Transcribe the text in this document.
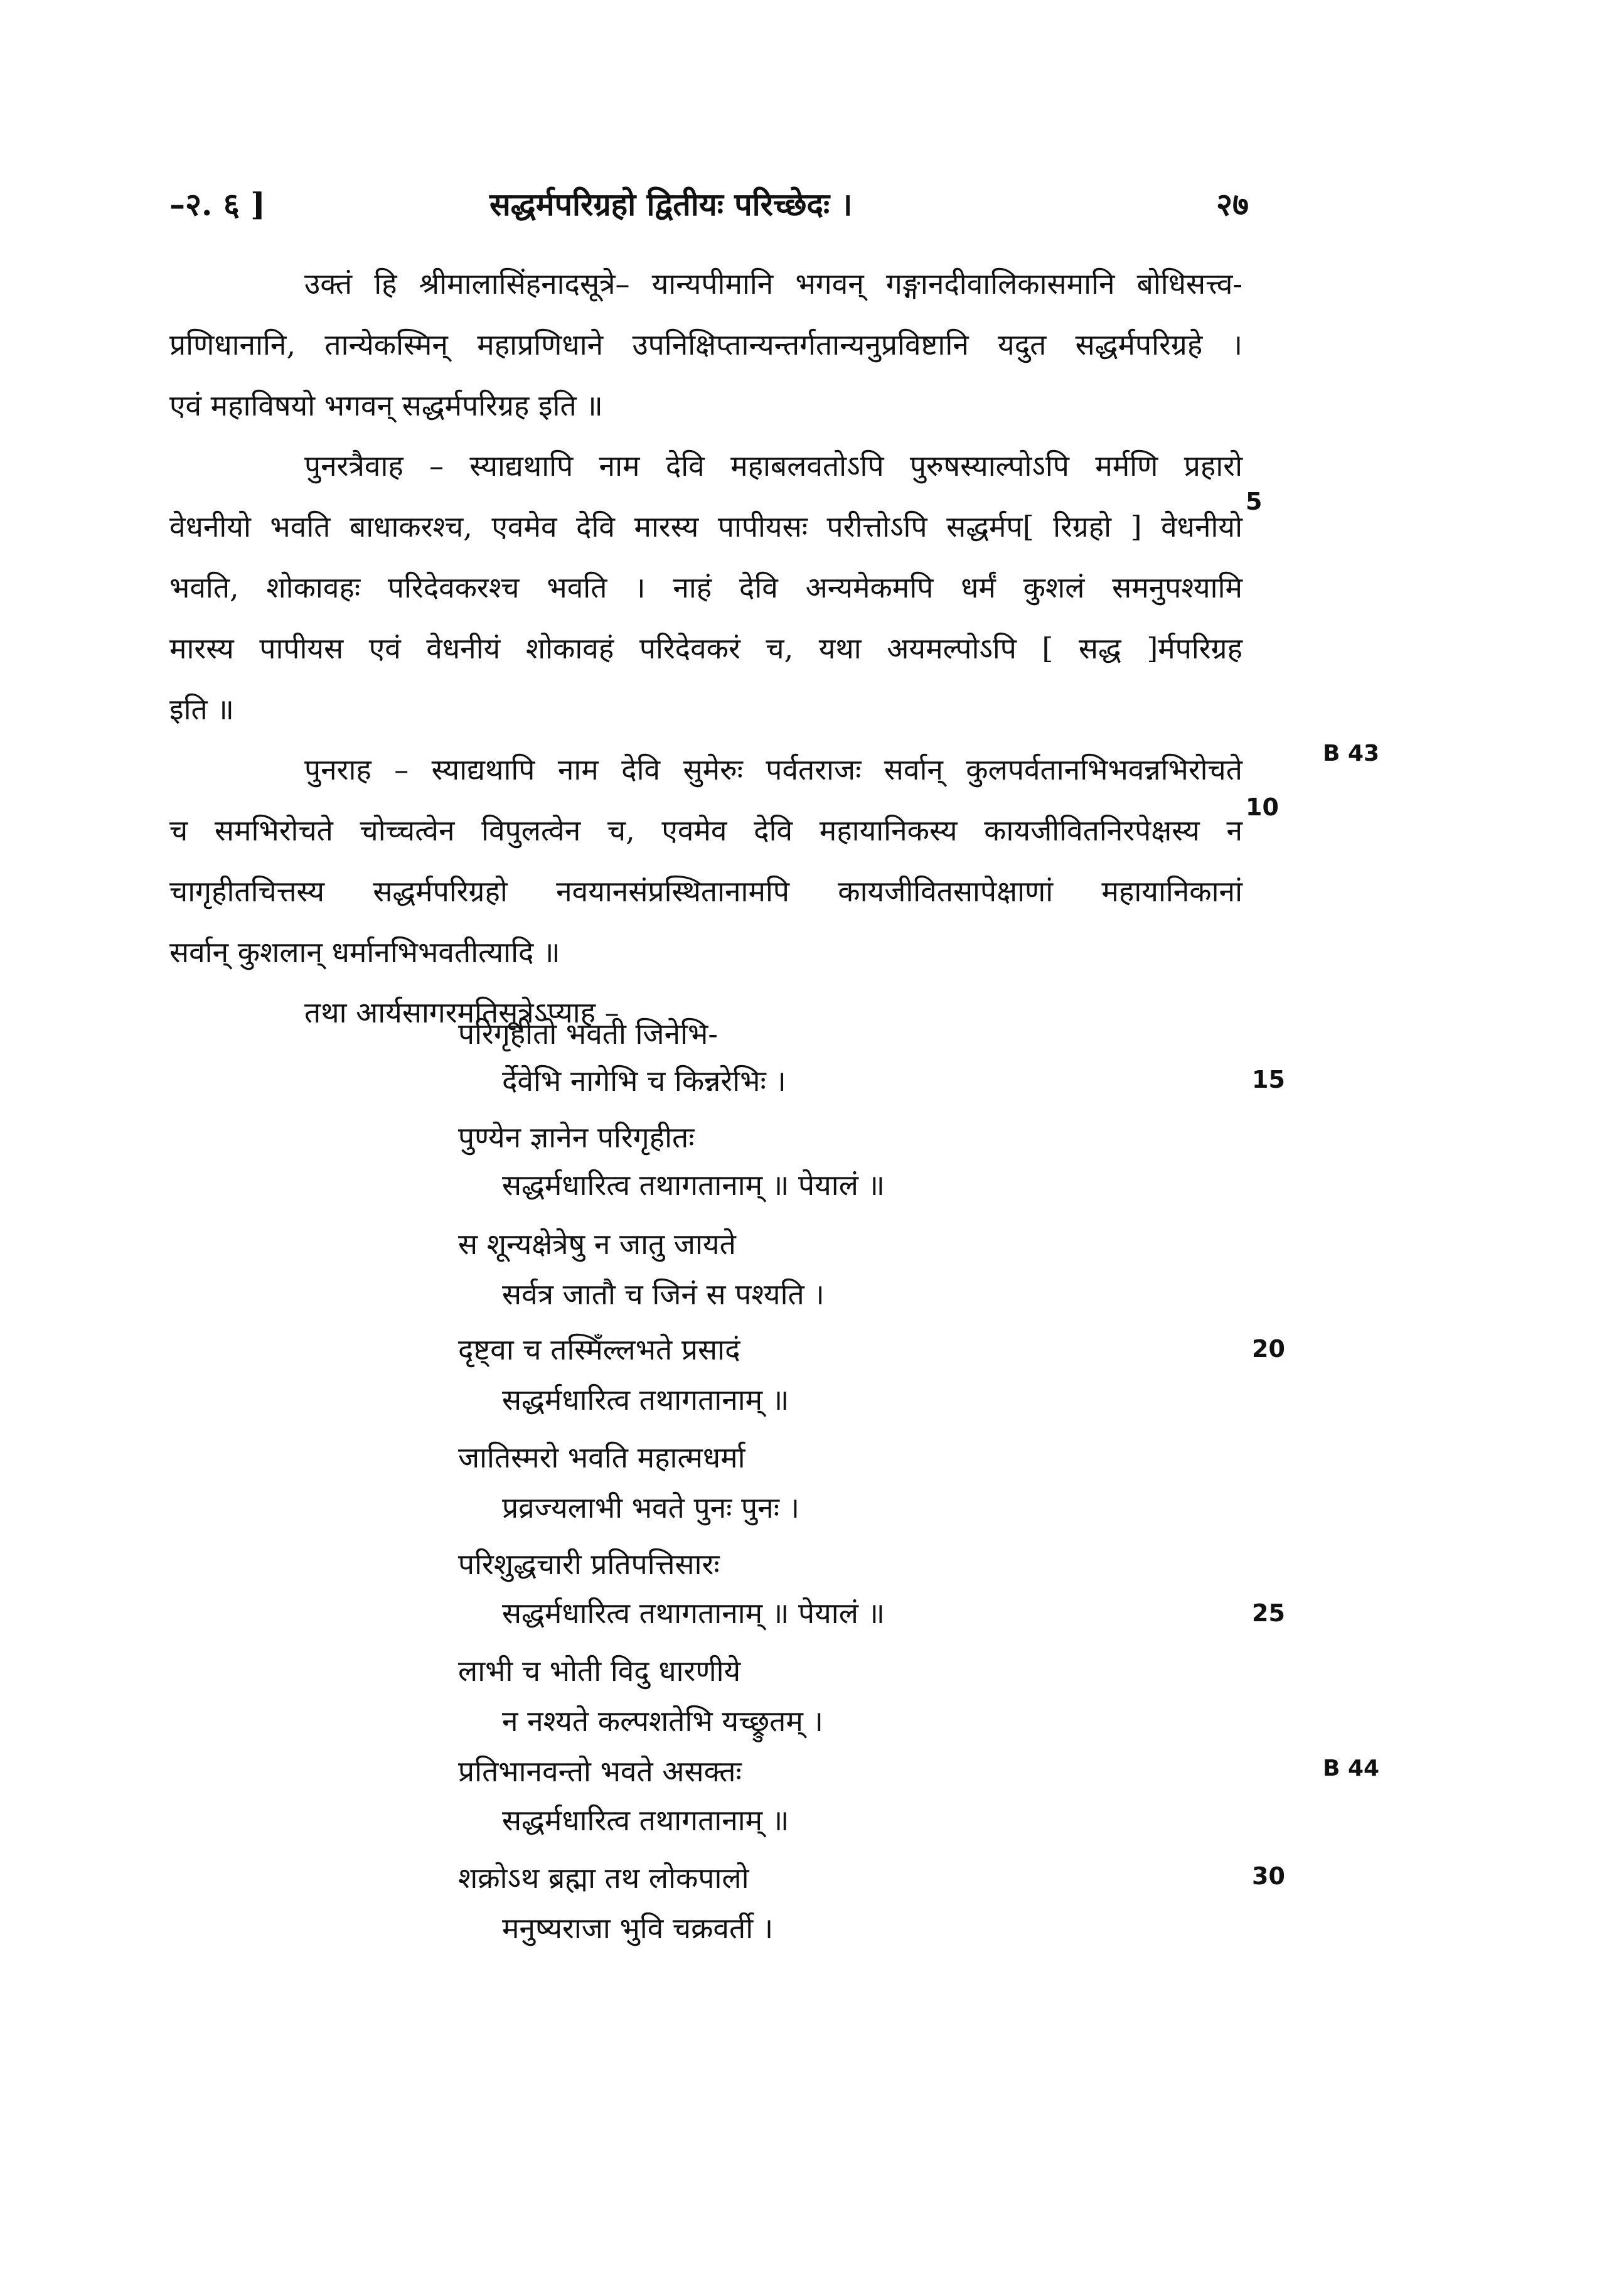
–२. ६ ]	सद्धर्मपरिग्रहो द्वितीयः परिच्छेदः ।	२७
उक्तं हि श्रीमालासिंहनादसूत्रे– यान्यपीमानि भगवन् गङ्गानदीवालिकासमानि बोधिसत्त्व-
प्रणिधानानि, तान्येकस्मिन् महाप्रणिधाने उपनिक्षिप्तान्यन्तर्गतान्यनुप्रविष्टानि यदुत सद्धर्मपरिग्रहे ।
एवं महाविषयो भगवन् सद्धर्मपरिग्रह इति ॥
पुनरत्रैवाह – स्याद्यथापि नाम देवि महाबलवतोऽपि पुरुषस्याल्पोऽपि मर्मणि प्रहारो
वेधनीयो भवति बाधाकरश्च, एवमेव देवि मारस्य पापीयसः परीत्तोऽपि सद्धर्मप[ रिग्रहो ] वेधनीयो
भवति, शोकावहः परिदेवकरश्च भवति । नाहं देवि अन्यमेकमपि धर्मं कुशलं समनुपश्यामि
मारस्य पापीयस एवं वेधनीयं शोकावहं परिदेवकरं च, यथा अयमल्पोऽपि [ सद्ध ]र्मपरिग्रह
इति ॥
पुनराह – स्याद्यथापि नाम देवि सुमेरुः पर्वतराजः सर्वान् कुलपर्वतानभिभवन्नभिरोचते
च समभिरोचते चोच्चत्वेन विपुलत्वेन च, एवमेव देवि महायानिकस्य कायजीवितनिरपेक्षस्य न
चागृहीतचित्तस्य सद्धर्मपरिग्रहो नवयानसंप्रस्थितानामपि कायजीवितसापेक्षाणां महायानिकानां
सर्वान् कुशलान् धर्मानभिभवतीत्यादि ॥
तथा आर्यसागरमतिसूत्रेऽप्याह –
परिगृहीतो भवती जिनेभि-
र्देवेभि नागेभि च किन्नरेभिः ।
पुण्येन ज्ञानेन परिगृहीतः
सद्धर्मधारित्व तथागतानाम् ॥ पेयालं ॥
स शून्यक्षेत्रेषु न जातु जायते
सर्वत्र जातौ च जिनं स पश्यति ।
दृष्ट्वा च तस्मिँल्लभते प्रसादं
सद्धर्मधारित्व तथागतानाम् ॥
जातिस्मरो भवति महात्मधर्मा
प्रव्रज्यलाभी भवते पुनः पुनः ।
परिशुद्धचारी प्रतिपत्तिसारः
सद्धर्मधारित्व तथागतानाम् ॥ पेयालं ॥
लाभी च भोती विदु धारणीये
न नश्यते कल्पशतेभि यच्छ्रुतम् ।
प्रतिभानवन्तो भवते असक्तः
सद्धर्मधारित्व तथागतानाम् ॥
शक्रोऽथ ब्रह्मा तथ लोकपालो
मनुष्यराजा भुवि चक्रवर्ती ।
5
10
15
20
25
30
B 43
B 44
